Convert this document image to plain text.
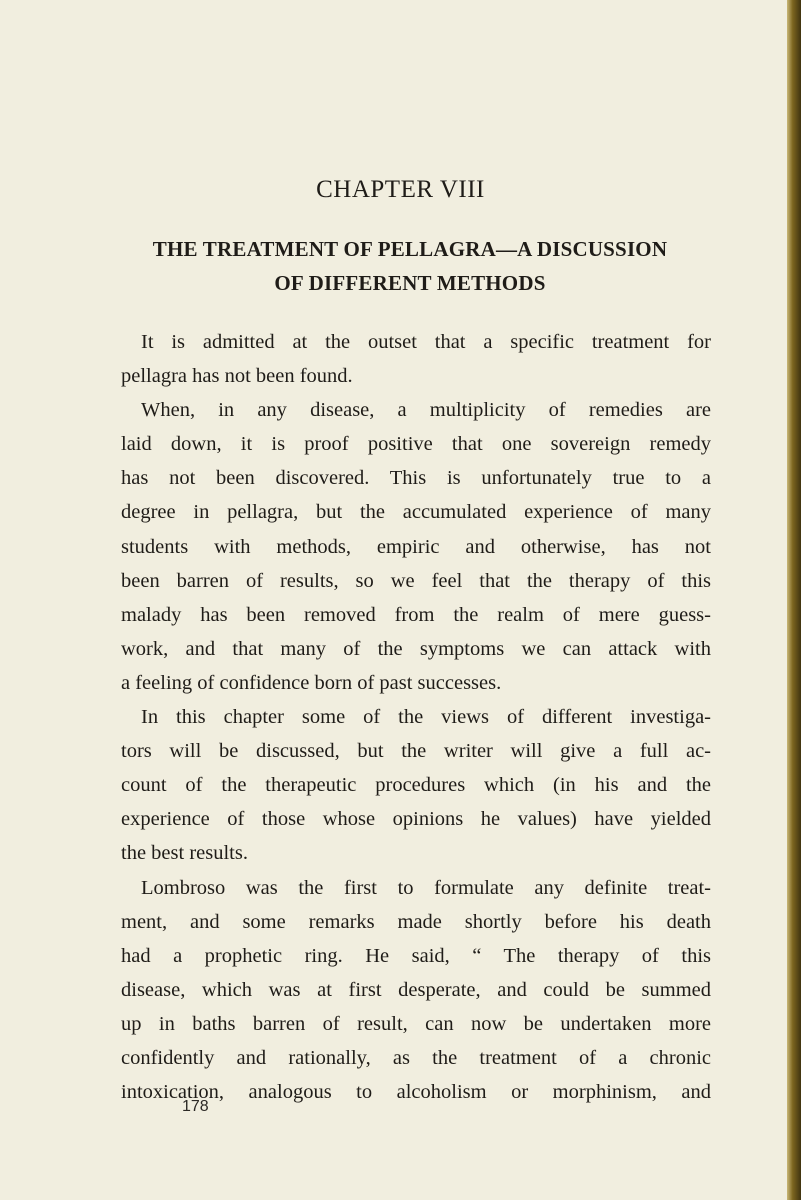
CHAPTER VIII
THE TREATMENT OF PELLAGRA—A DISCUSSION
OF DIFFERENT METHODS
It is admitted at the outset that a specific treatment for
pellagra has not been found.
When, in any disease, a multiplicity of remedies are
laid down, it is proof positive that one sovereign remedy
has not been discovered. This is unfortunately true to a
degree in pellagra, but the accumulated experience of many
students with methods, empiric and otherwise, has not
been barren of results, so we feel that the therapy of this
malady has been removed from the realm of mere guess-
work, and that many of the symptoms we can attack with
a feeling of confidence born of past successes.
In this chapter some of the views of different investiga-
tors will be discussed, but the writer will give a full ac-
count of the therapeutic procedures which (in his and the
experience of those whose opinions he values) have yielded
the best results.
Lombroso was the first to formulate any definite treat-
ment, and some remarks made shortly before his death
had a prophetic ring. He said, “ The therapy of this
disease, which was at first desperate, and could be summed
up in baths barren of result, can now be undertaken more
confidently and rationally, as the treatment of a chronic
intoxication, analogous to alcoholism or morphinism, and
178
